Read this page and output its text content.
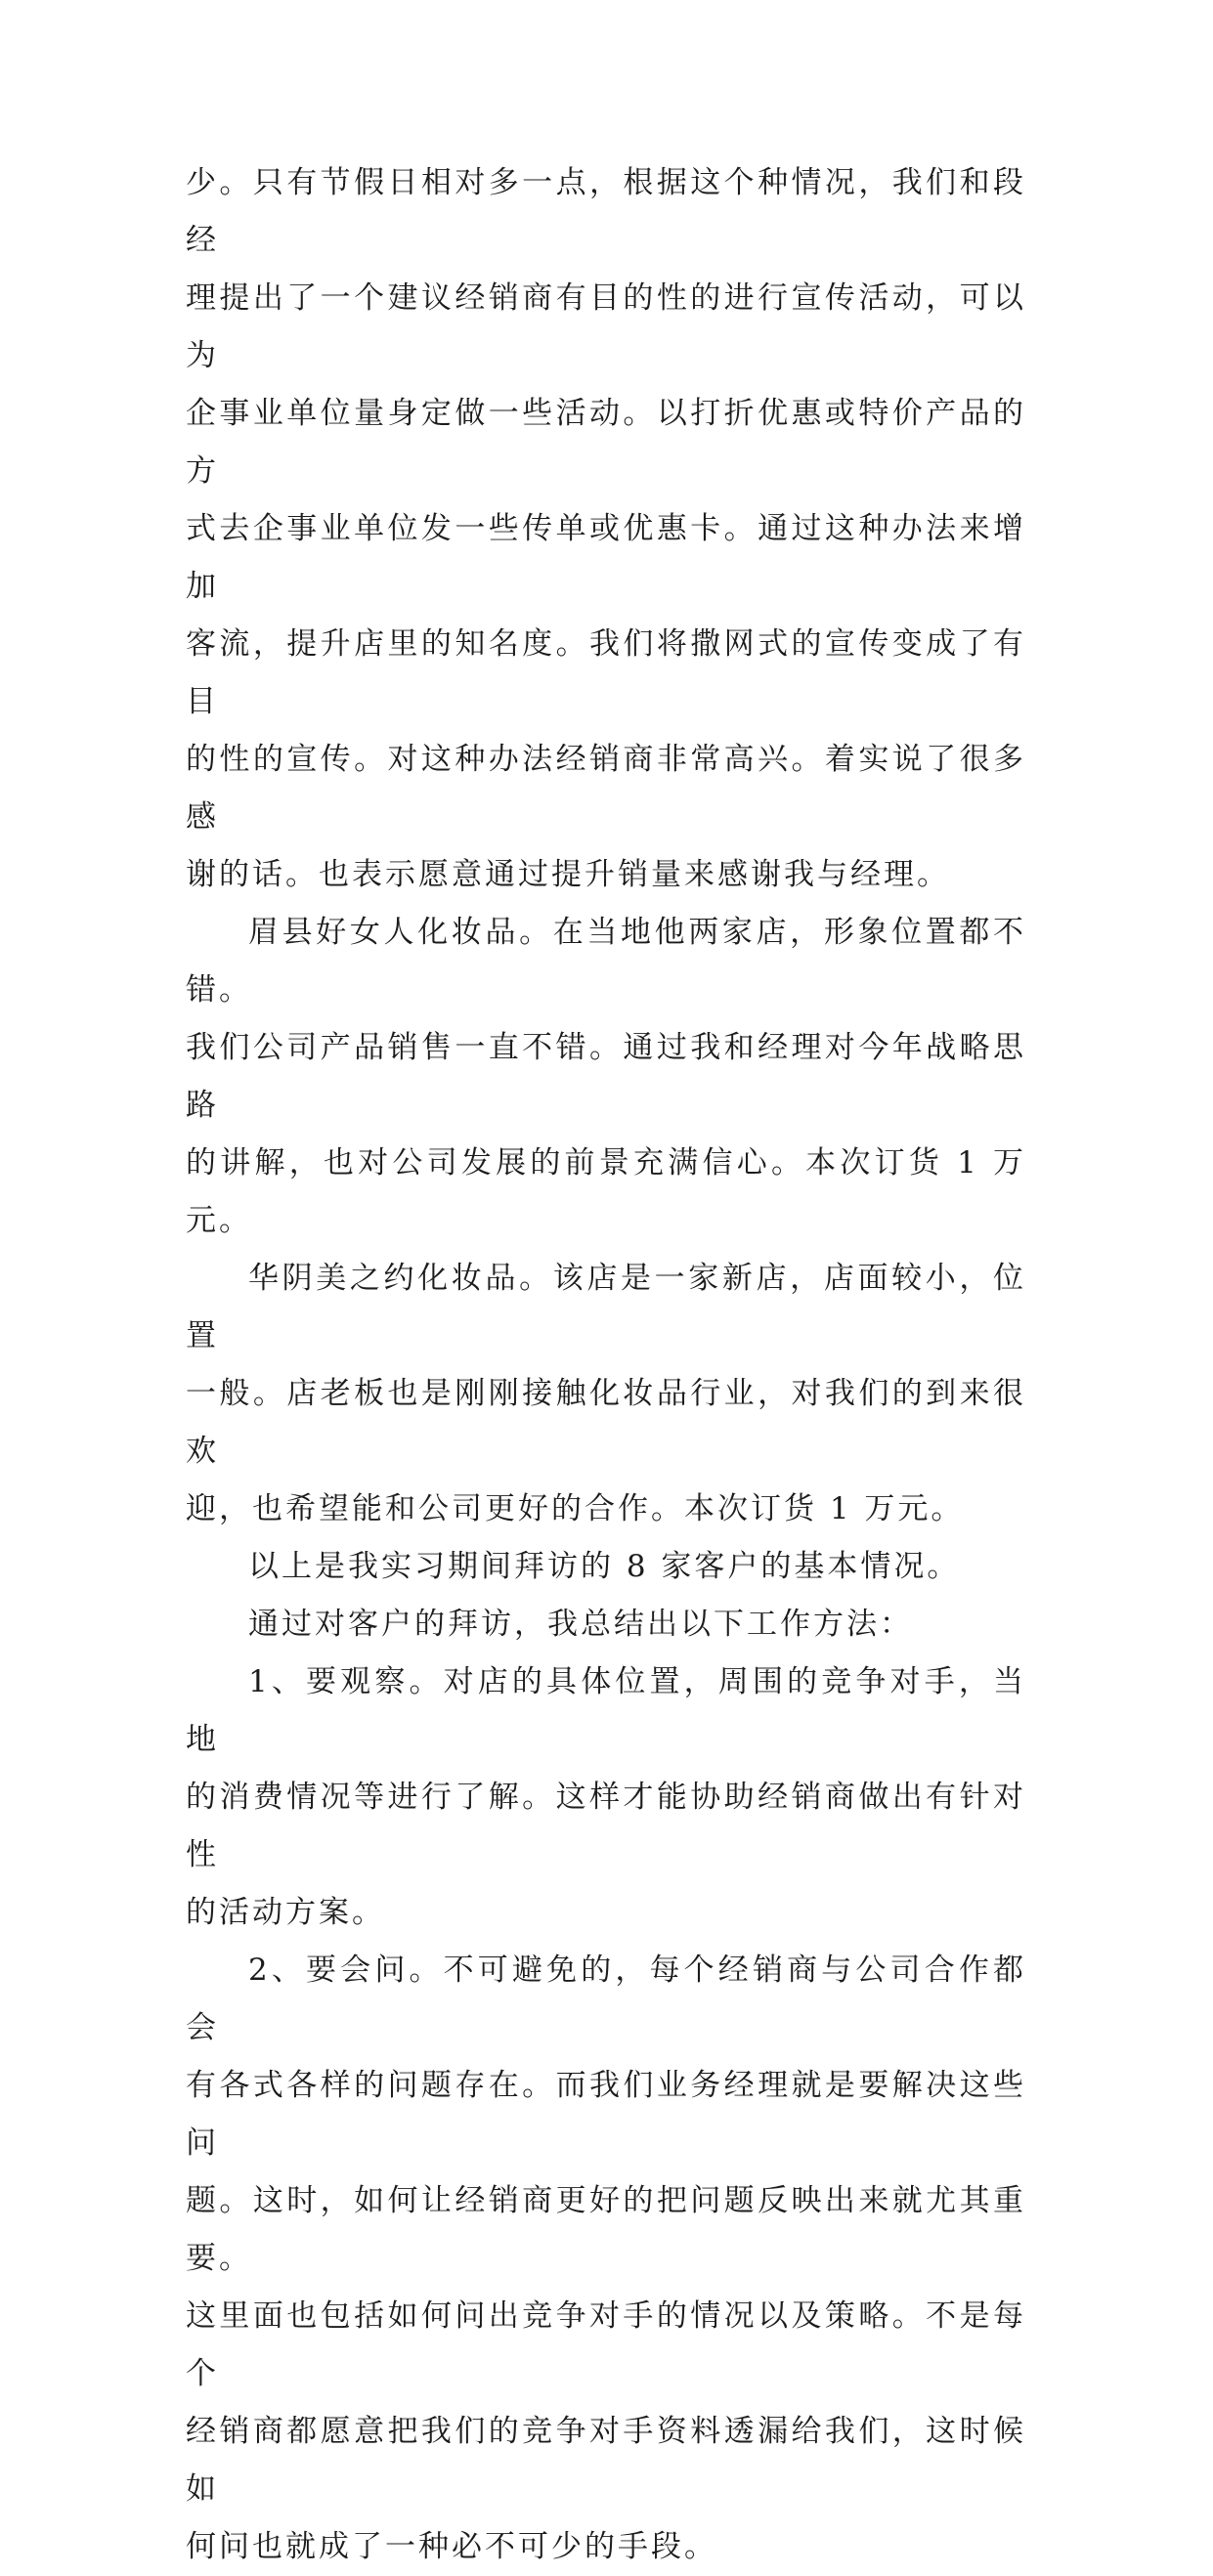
少。只有节假日相对多一点，根据这个种情况，我们和段经
理提出了一个建议经销商有目的性的进行宣传活动，可以为
企事业单位量身定做一些活动。以打折优惠或特价产品的方
式去企事业单位发一些传单或优惠卡。通过这种办法来增加
客流，提升店里的知名度。我们将撒网式的宣传变成了有目
的性的宣传。对这种办法经销商非常高兴。着实说了很多感
谢的话。也表示愿意通过提升销量来感谢我与经理。

眉县好女人化妆品。在当地他两家店，形象位置都不错。
我们公司产品销售一直不错。通过我和经理对今年战略思路
的讲解，也对公司发展的前景充满信心。本次订货 1 万元。

华阴美之约化妆品。该店是一家新店，店面较小，位置
一般。店老板也是刚刚接触化妆品行业，对我们的到来很欢
迎，也希望能和公司更好的合作。本次订货 1 万元。

以上是我实习期间拜访的 8 家客户的基本情况。

通过对客户的拜访，我总结出以下工作方法：

1、要观察。对店的具体位置，周围的竞争对手，当地
的消费情况等进行了解。这样才能协助经销商做出有针对性
的活动方案。

2、要会问。不可避免的，每个经销商与公司合作都会
有各式各样的问题存在。而我们业务经理就是要解决这些问
题。这时，如何让经销商更好的把问题反映出来就尤其重要。
这里面也包括如何问出竞争对手的情况以及策略。不是每个
经销商都愿意把我们的竞争对手资料透漏给我们，这时候如
何问也就成了一种必不可少的手段。
